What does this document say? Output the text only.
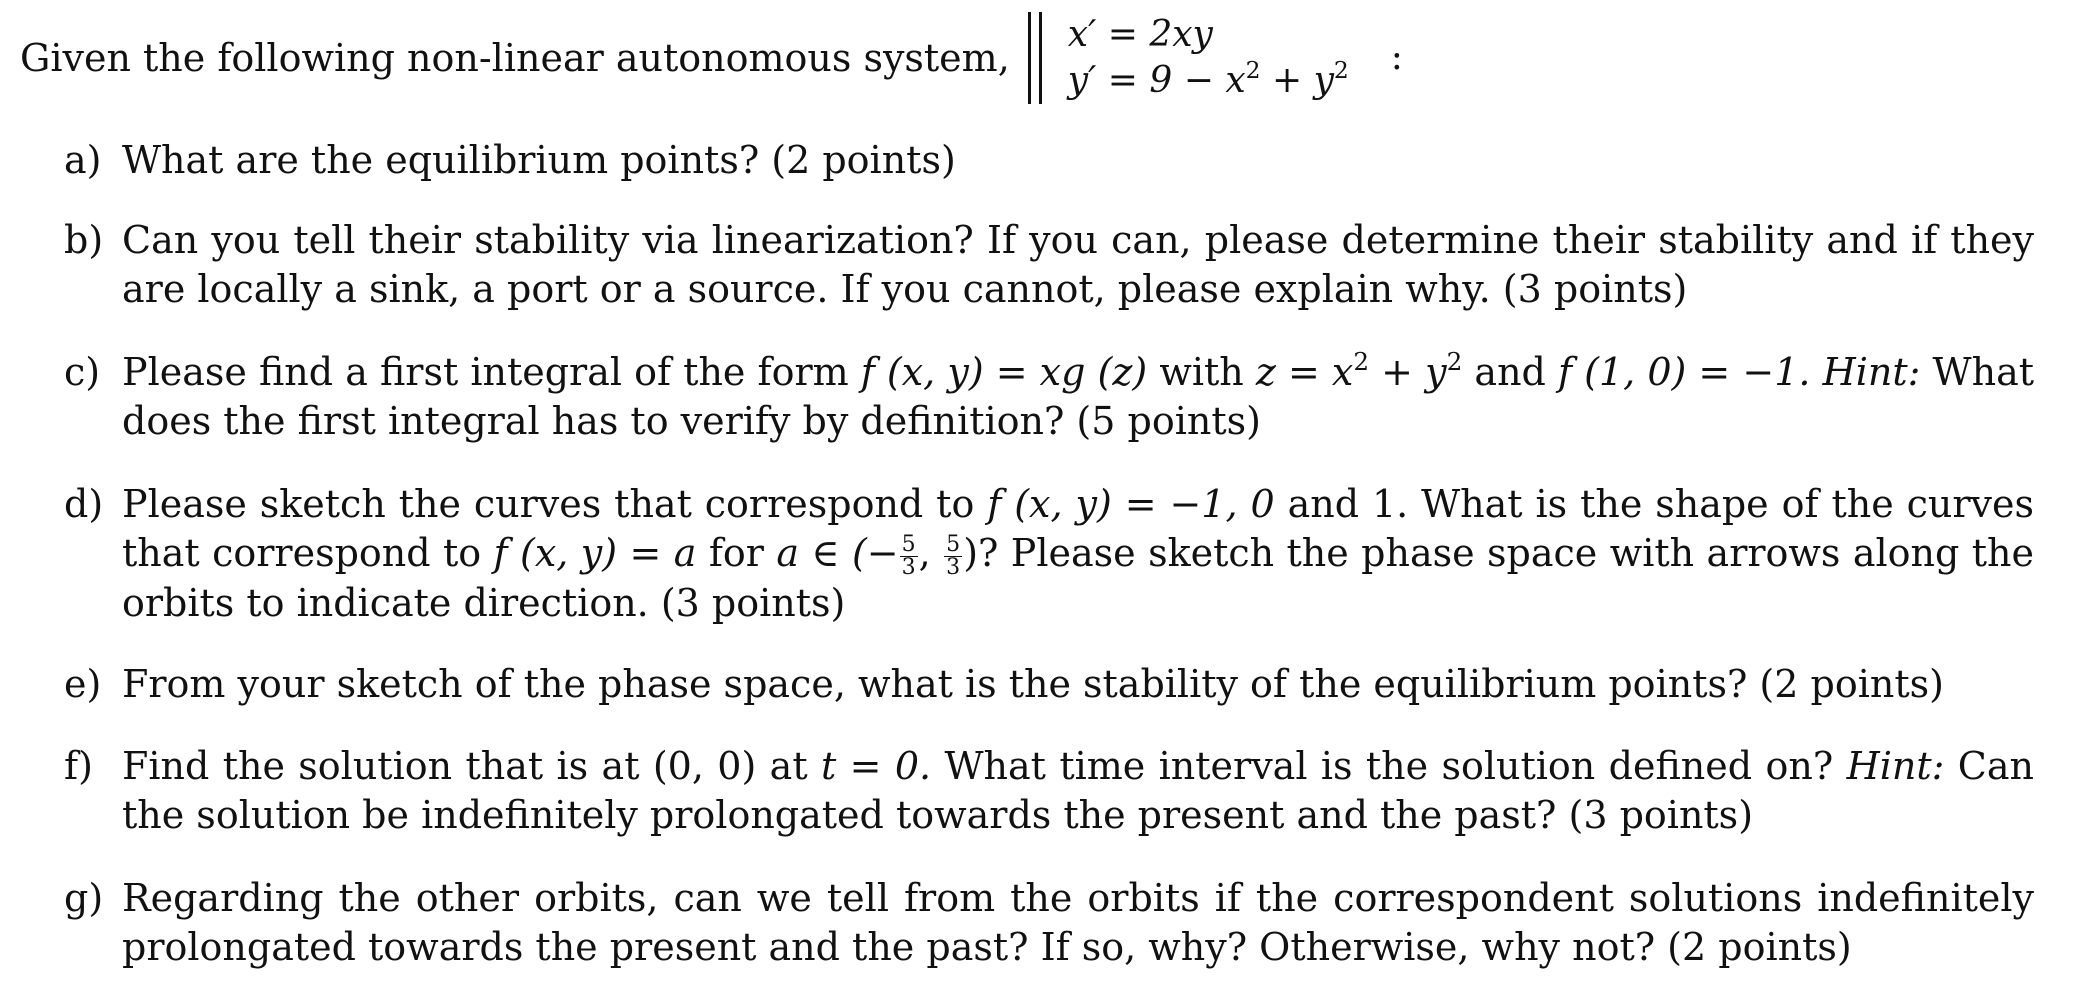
Given the following non-linear autonomous system,
x′ = 2xy
$y' = 9 - x^2 + y^2$ :
a) What are the equilibrium points? (2 points)
b) Can you tell their stability via linearization? If you can, please determine their stability and if they are locally a sink, a port or a source. If you cannot, please explain why. (3 points)
c) Please find a first integral of the form f (x, y) = xg (z) with $z = x^2 + y^2$ and f (1, 0) = −1. Hint: What does the first integral has to verify by definition? (5 points)
d) Please sketch the curves that correspond to f (x, y) = −1, 0 and 1. What is the shape of the curves that correspond to f (x, y) = a for a ∈ (− $\frac{5}{3}$ , $\frac{5}{3}$ )? Please sketch the phase space with arrows along the orbits to indicate direction. (3 points)
e) From your sketch of the phase space, what is the stability of the equilibrium points? (2 points)
f) Find the solution that is at (0, 0) at t = 0. What time interval is the solution defined on? Hint: Can the solution be indefinitely prolongated towards the present and the past? (3 points)
g) Regarding the other orbits, can we tell from the orbits if the correspondent solutions indefinitely prolongated towards the present and the past? If so, why? Otherwise, why not? (2 points)
